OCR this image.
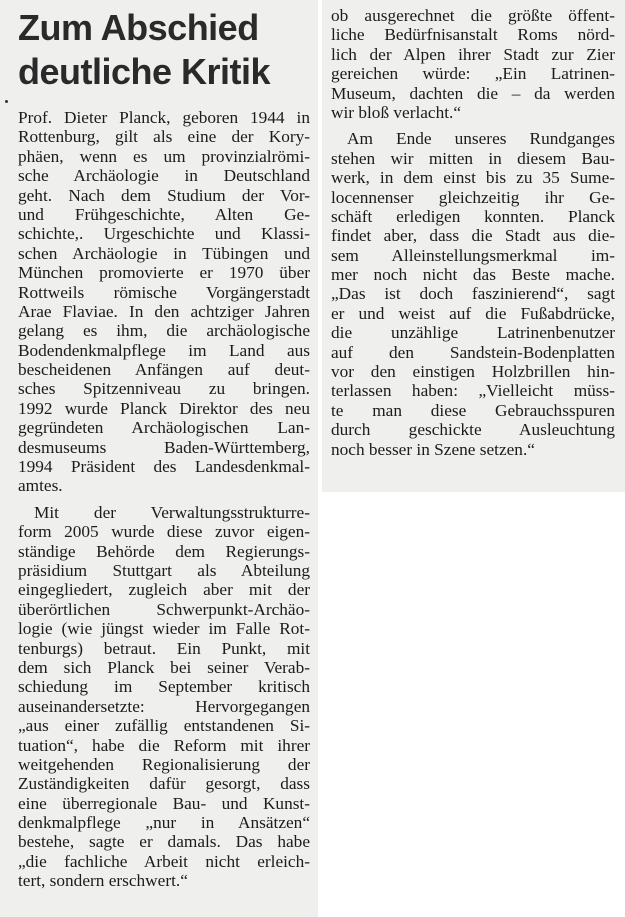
Zum Abschied
deutliche Kritik
Prof. Dieter Planck, geboren 1944 in
Rottenburg, gilt als eine der Kory-
phäen, wenn es um provinzialrömi-
sche Archäologie in Deutschland
geht. Nach dem Studium der Vor-
und Frühgeschichte, Alten Ge-
schichte,. Urgeschichte und Klassi-
schen Archäologie in Tübingen und
München promovierte er 1970 über
Rottweils römische Vorgängerstadt
Arae Flaviae. In den achtziger Jahren
gelang es ihm, die archäologische
Bodendenkmalpflege im Land aus
bescheidenen Anfängen auf deut-
sches Spitzenniveau zu bringen.
1992 wurde Planck Direktor des neu
gegründeten Archäologischen Lan-
desmuseums Baden-Württemberg,
1994 Präsident des Landesdenkmal-
amtes.
Mit der Verwaltungsstrukturre-
form 2005 wurde diese zuvor eigen-
ständige Behörde dem Regierungs-
präsidium Stuttgart als Abteilung
eingegliedert, zugleich aber mit der
überörtlichen Schwerpunkt-Archäo-
logie (wie jüngst wieder im Falle Rot-
tenburgs) betraut. Ein Punkt, mit
dem sich Planck bei seiner Verab-
schiedung im September kritisch
auseinandersetzte: Hervorgegangen
„aus einer zufällig entstandenen Si-
tuation“, habe die Reform mit ihrer
weitgehenden Regionalisierung der
Zuständigkeiten dafür gesorgt, dass
eine überregionale Bau- und Kunst-
denkmalpflege „nur in Ansätzen“
bestehe, sagte er damals. Das habe
„die fachliche Arbeit nicht erleich-
tert, sondern erschwert.“
ob ausgerechnet die größte öffent-
liche Bedürfnisanstalt Roms nörd-
lich der Alpen ihrer Stadt zur Zier
gereichen würde: „Ein Latrinen-
Museum, dachten die – da werden
wir bloß verlacht.“
Am Ende unseres Rundganges
stehen wir mitten in diesem Bau-
werk, in dem einst bis zu 35 Sume-
locennenser gleichzeitig ihr Ge-
schäft erledigen konnten. Planck
findet aber, dass die Stadt aus die-
sem Alleinstellungsmerkmal im-
mer noch nicht das Beste mache.
„Das ist doch faszinierend“, sagt
er und weist auf die Fußabdrücke,
die unzählige Latrinenbenutzer
auf den Sandstein-Bodenplatten
vor den einstigen Holzbrillen hin-
terlassen haben: „Vielleicht müss-
te man diese Gebrauchsspuren
durch geschickte Ausleuchtung
noch besser in Szene setzen.“
